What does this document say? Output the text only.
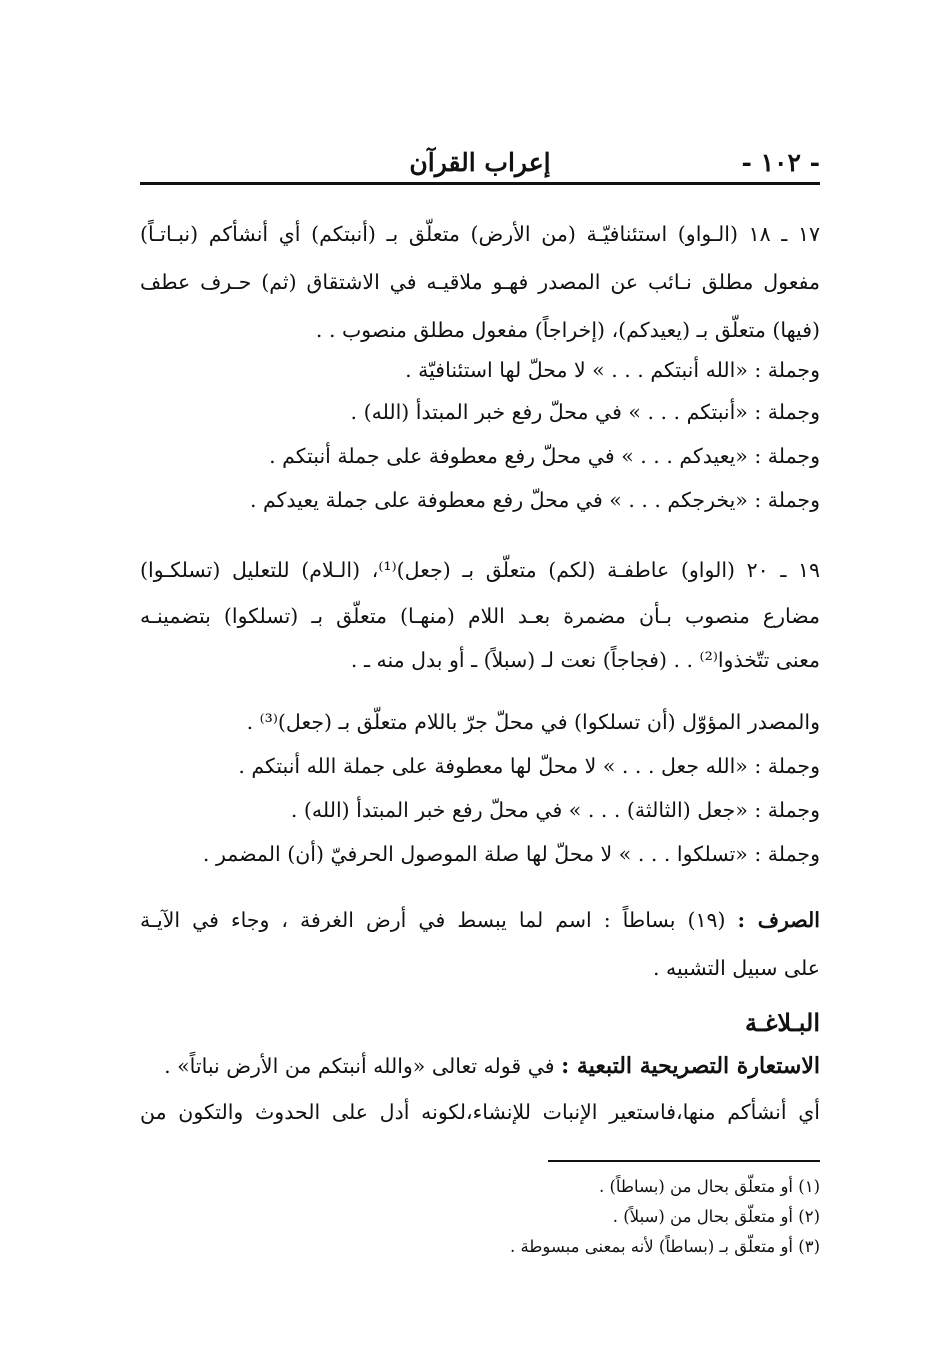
- ١٠٢ -
إعراب القرآن
١٧ ـ ١٨ (الـواو) استئنافيّـة (من الأرض) متعلّق بـ (أنبتكم) أي أنشأكم (نبـاتـاً)
مفعول مطلق نـائب عن المصدر فهـو ملاقيـه في الاشتقاق (ثم) حـرف عطف
(فيها) متعلّق بـ (يعيدكم)، (إخراجاً) مفعول مطلق منصوب . .
وجملة : «الله أنبتكم . . . » لا محلّ لها استئنافيّة .
وجملة : «أنبتكم . . . » في محلّ رفع خبر المبتدأ (الله) .
وجملة : «يعيدكم . . . » في محلّ رفع معطوفة على جملة أنبتكم .
وجملة : «يخرجكم . . . » في محلّ رفع معطوفة على جملة يعيدكم .
١٩ ـ ٢٠ (الواو) عاطفـة (لكم) متعلّق بـ (جعل)⁽¹⁾، (الـلام) للتعليل (تسلكـوا)
مضارع منصوب بـأن مضمرة بعـد اللام (منهـا) متعلّق بـ (تسلكوا) بتضمينـه
معنى تتّخذوا⁽²⁾ . . (فجاجاً) نعت لـ (سبلاً) ـ أو بدل منه ـ .
والمصدر المؤوّل (أن تسلكوا) في محلّ جرّ باللام متعلّق بـ (جعل)⁽³⁾ .
وجملة : «الله جعل . . . » لا محلّ لها معطوفة على جملة الله أنبتكم .
وجملة : «جعل (الثالثة) . . . » في محلّ رفع خبر المبتدأ (الله) .
وجملة : «تسلكوا . . . » لا محلّ لها صلة الموصول الحرفيّ (أن) المضمر .
الصرف : (١٩) بساطاً : اسم لما يبسط في أرض الغرفة ، وجاء في الآيـة
على سبيل التشبيه .
البـلاغـة
الاستعارة التصريحية التبعية : في قوله تعالى «والله أنبتكم من الأرض نباتاً» .
أي أنشأكم منها،فاستعير الإنبات للإنشاء،لكونه أدل على الحدوث والتكون من
(١) أو متعلّق بحال من (بساطاً) .
(٢) أو متعلّق بحال من (سبلاً) .
(٣) أو متعلّق بـ (بساطاً) لأنه بمعنى مبسوطة .
